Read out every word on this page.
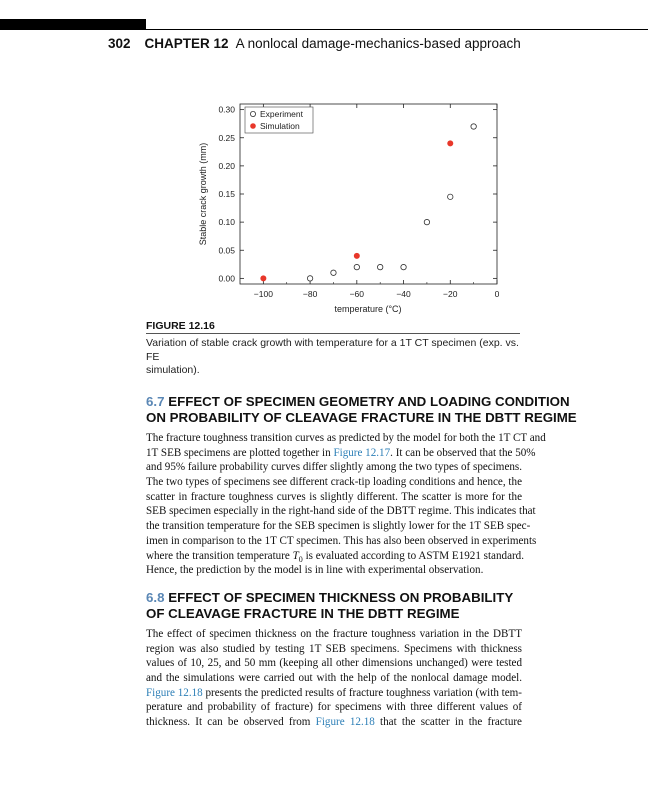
302 CHAPTER 12 A nonlocal damage-mechanics-based approach
−100	−80	−60	−40	−20	0
0.00
0.05
0.10
0.15
0.20
0.25
0.30
temperature (°C)
Stable crack growth (mm)
Experiment
Simulation
FIGURE 12.16
Variation of stable crack growth with temperature for a 1T CT specimen (exp. vs. FE
simulation).
6.7 EFFECT OF SPECIMEN GEOMETRY AND LOADING CONDITION
ON PROBABILITY OF CLEAVAGE FRACTURE IN THE DBTT REGIME
The fracture toughness transition curves as predicted by the model for both the 1T CT and
1T SEB specimens are plotted together in Figure 12.17. It can be observed that the 50%
and 95% failure probability curves differ slightly among the two types of specimens.
The two types of specimens see different crack-tip loading conditions and hence, the
scatter in fracture toughness curves is slightly different. The scatter is more for the
SEB specimen especially in the right-hand side of the DBTT regime. This indicates that
the transition temperature for the SEB specimen is slightly lower for the 1T SEB spec-
imen in comparison to the 1T CT specimen. This has also been observed in experiments
where the transition temperature $T_0$ is evaluated according to ASTM E1921 standard.
Hence, the prediction by the model is in line with experimental observation.
6.8 EFFECT OF SPECIMEN THICKNESS ON PROBABILITY
OF CLEAVAGE FRACTURE IN THE DBTT REGIME
The effect of specimen thickness on the fracture toughness variation in the DBTT
region was also studied by testing 1T SEB specimens. Specimens with thickness
values of 10, 25, and 50 mm (keeping all other dimensions unchanged) were tested
and the simulations were carried out with the help of the nonlocal damage model.
Figure 12.18 presents the predicted results of fracture toughness variation (with tem-
perature and probability of fracture) for specimens with three different values of
thickness. It can be observed from Figure 12.18 that the scatter in the fracture
